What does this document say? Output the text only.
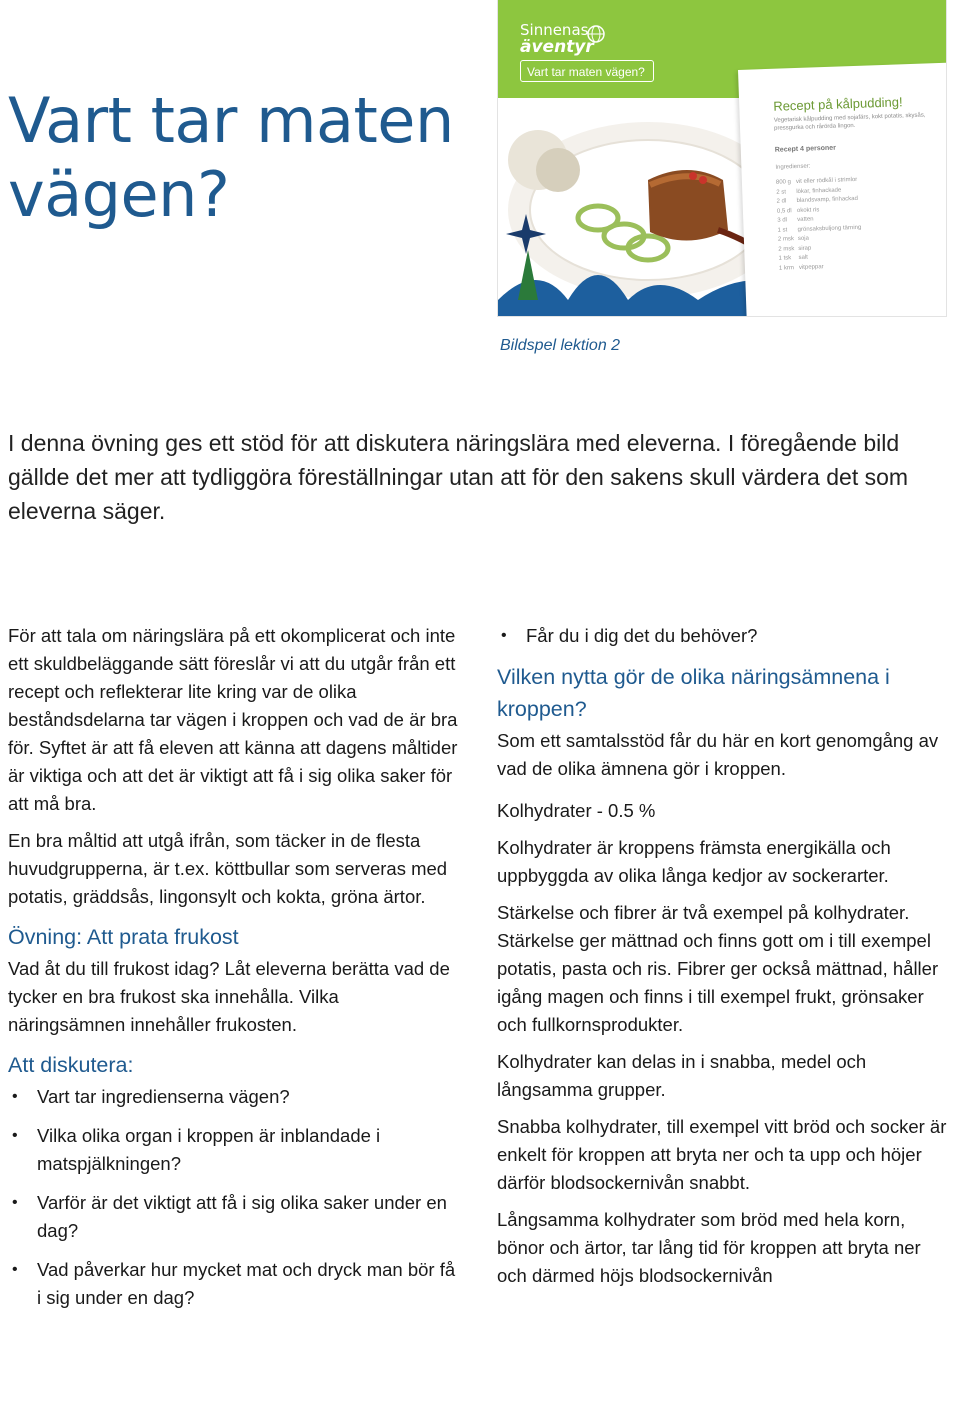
Vart tar maten
vägen?
Sinnenas
äventyr
Vart tar maten vägen?
Recept på kålpudding!
Vegetarisk kålpudding med sojafärs, kokt potatis, skysås, pressgurka och rårörda lingon.
Recept 4 personer
Ingredienser:
800 g vit eller rödkål i strimlor
2 st	lökar, finhackade
2 dl	blandsvamp, finhackad
0,5 dl okokt ris
3 dl	vatten
1 st	grönsaksbuljong tärning
2 msk soja
2 msk sirap
1 tsk	salt
1 krm vitpeppar
Bildspel lektion 2

I denna övning ges ett stöd för att diskutera näringslära med eleverna. I föregående bild gällde det mer att tydliggöra föreställningar utan att för den sakens skull värdera det som eleverna säger.

För att tala om näringslära på ett okomplicerat och inte ett skuldbeläggande sätt föreslår vi att du utgår från ett recept och reflekterar lite kring var de olika beståndsdelarna tar vägen i kroppen och vad de är bra för. Syftet är att få eleven att känna att dagens måltider är viktiga och att det är viktigt att få i sig olika saker för att må bra.

En bra måltid att utgå ifrån, som täcker in de flesta huvudgrupperna, är t.ex. köttbullar som serveras med potatis, gräddsås, lingonsylt och kokta, gröna ärtor.

Övning: Att prata frukost

Vad åt du till frukost idag? Låt eleverna berätta vad de tycker en bra frukost ska innehålla. Vilka näringsämnen innehåller frukosten.

Att diskutera:
• Vart tar ingredienserna vägen?
• Vilka olika organ i kroppen är inblandade i matspjälkningen?
• Varför är det viktigt att få i sig olika saker under en dag?
• Vad påverkar hur mycket mat och dryck man bör få i sig under en dag?
• Får du i dig det du behöver?
Vilken nytta gör de olika näringsämnena i kroppen?

Som ett samtalsstöd får du här en kort genomgång av vad de olika ämnena gör i kroppen.

Kolhydrater - 0.5 %

Kolhydrater är kroppens främsta energikälla och uppbyggda av olika långa kedjor av sockerarter.

Stärkelse och fibrer är två exempel på kolhydrater. Stärkelse ger mättnad och finns gott om i till exempel potatis, pasta och ris. Fibrer ger också mättnad, håller igång magen och finns i till exempel frukt, grönsaker och fullkornsprodukter.

Kolhydrater kan delas in i snabba, medel och långsamma grupper.

Snabba kolhydrater, till exempel vitt bröd och socker är enkelt för kroppen att bryta ner och ta upp och höjer därför blodsockernivån snabbt.

Långsamma kolhydrater som bröd med hela korn, bönor och ärtor, tar lång tid för kroppen att bryta ner och därmed höjs blodsockernivån
